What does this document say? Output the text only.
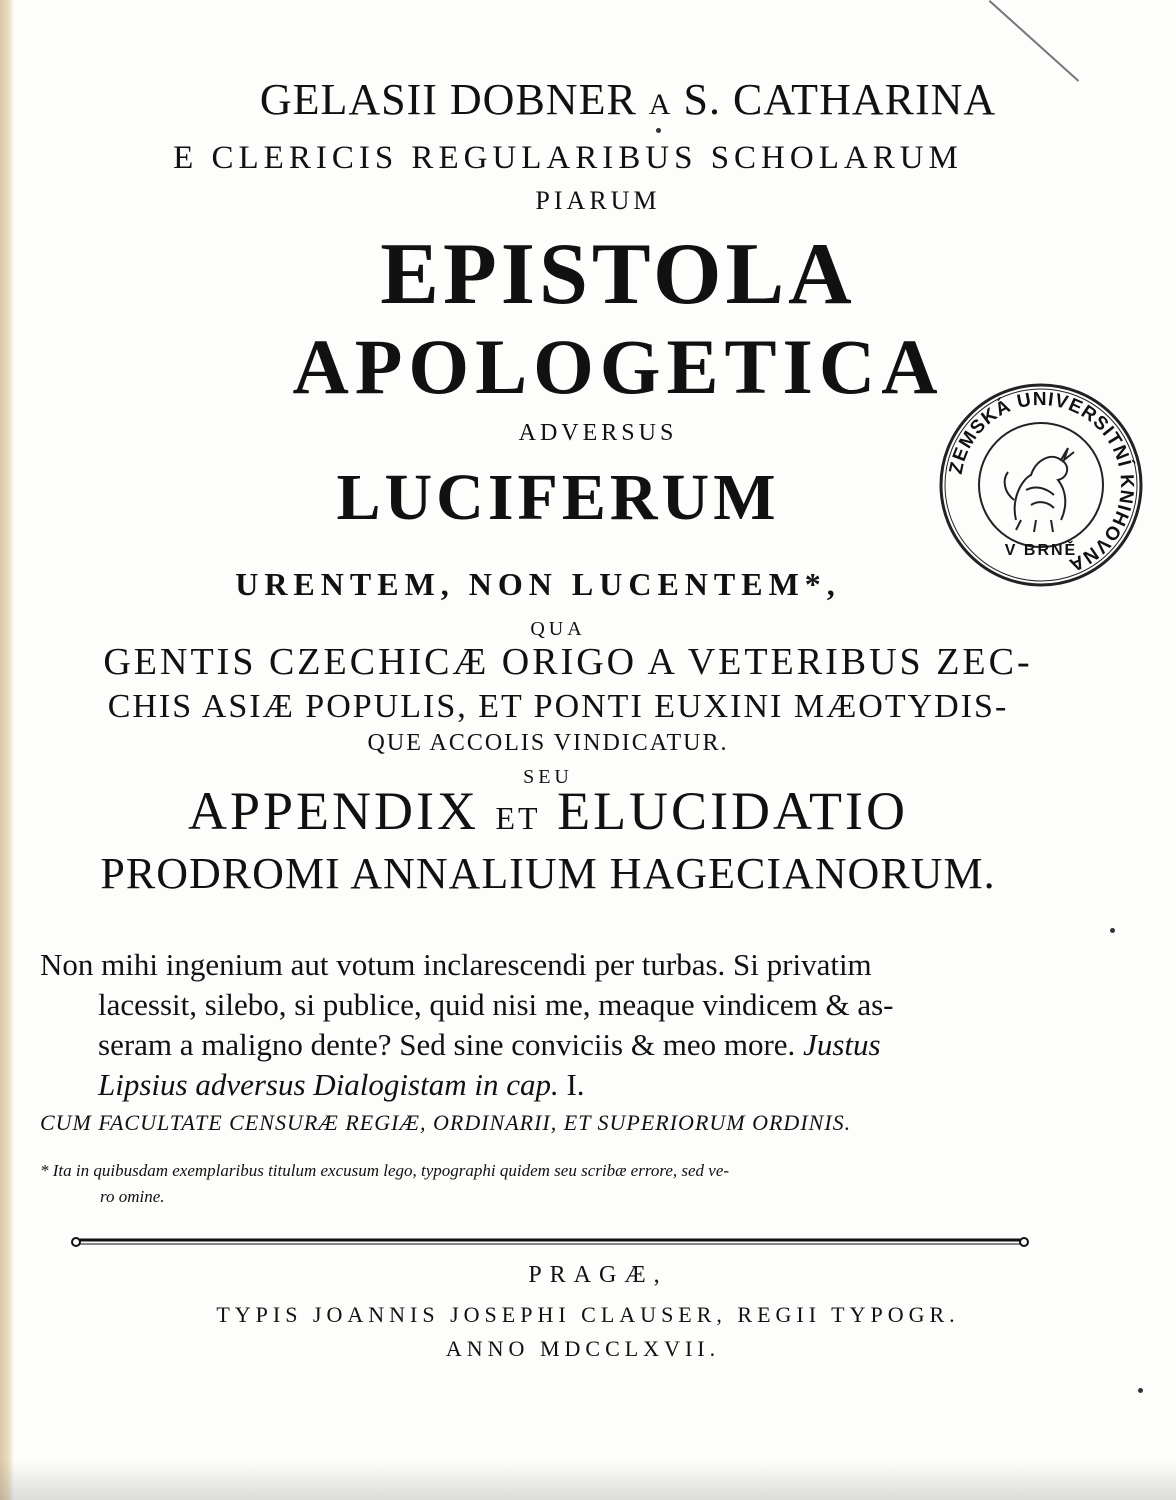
GELASII DOBNER A S. CATHARINA
E CLERICIS REGULARIBUS SCHOLARUM
PIARUM
EPISTOLA
APOLOGETICA
ADVERSUS
LUCIFERUM
URENTEM, NON LUCENTEM*,
QUA
GENTIS CZECHICÆ ORIGO A VETERIBUS ZEC-
CHIS ASIÆ POPULIS, ET PONTI EUXINI MÆOTYDIS-
QUE ACCOLIS VINDICATUR.
SEU
APPENDIX ET ELUCIDATIO
PRODROMI ANNALIUM HAGECIANORUM.
Non mihi ingenium aut votum inclarescendi per turbas. Si privatim
lacessit, silebo, si publice, quid nisi me, meaque vindicem & as-
seram a maligno dente? Sed sine conviciis & meo more. Justus
Lipsius adversus Dialogistam in cap. I.
CUM FACULTATE CENSURÆ REGIÆ, ORDINARII, ET SUPERIORUM ORDINIS.
* Ita in quibusdam exemplaribus titulum excusum lego, typographi quidem seu scribæ errore, sed ve-
ro omine.
PRAGÆ,
TYPIS JOANNIS JOSEPHI CLAUSER, REGII TYPOGR.
ANNO MDCCLXVII.
ZEMSKÁ UNIVERSITNÍ KNIHOVNA
V BRNĚ
